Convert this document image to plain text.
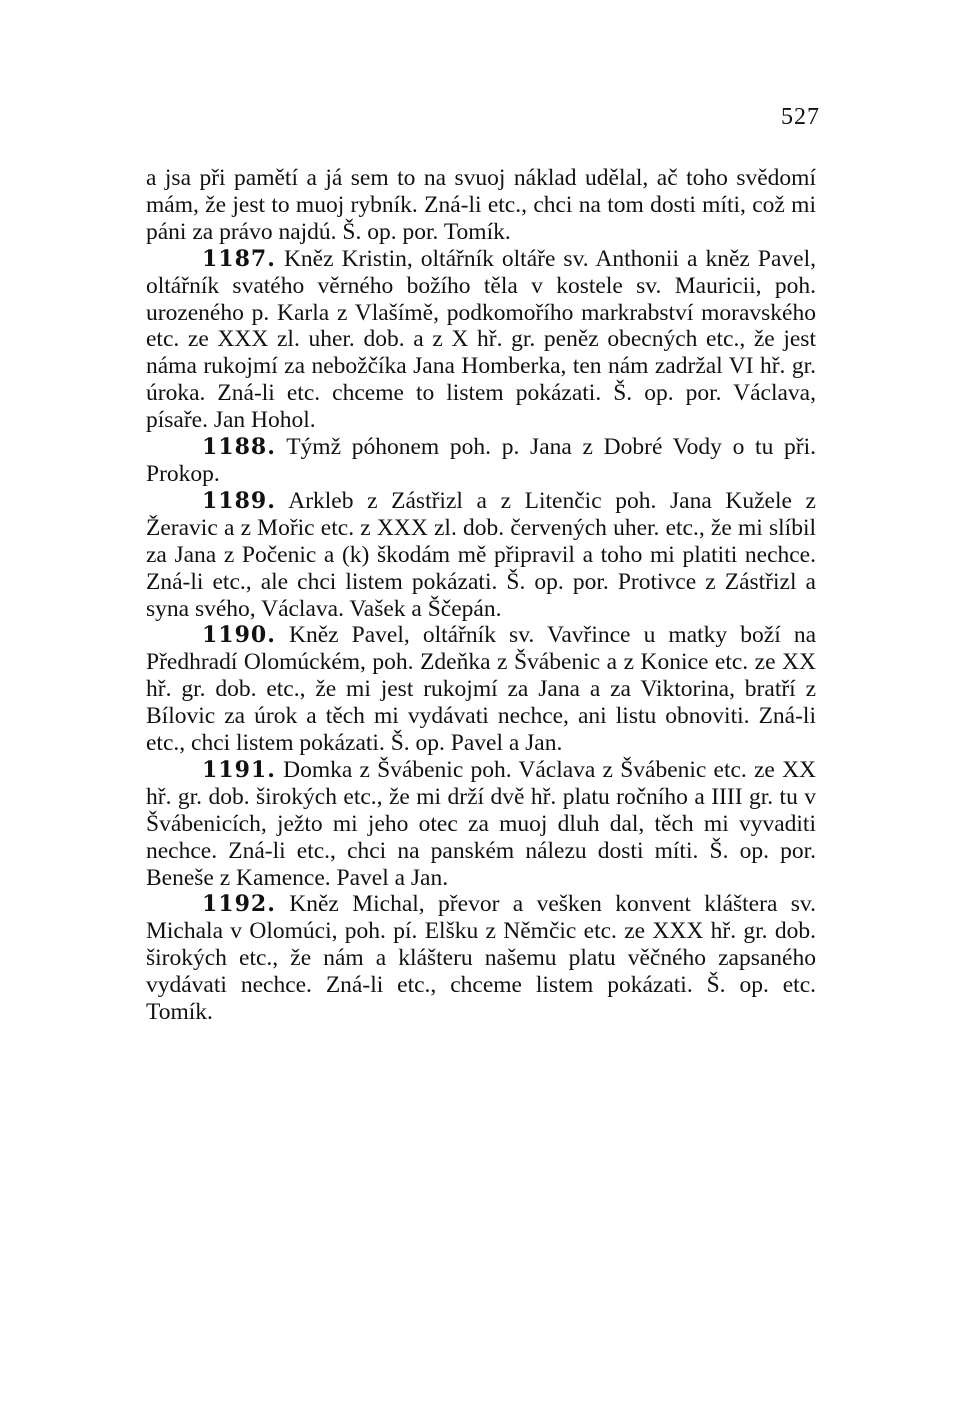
527

a jsa při pamětí a já sem to na svuoj náklad udělal, ač toho svědomí mám, že jest to muoj rybník. Zná-li etc., chci na tom dosti míti, což mi páni za právo najdú. Š. op. por. Tomík.

1187. Kněz Kristin, oltářník oltáře sv. Anthonii a kněz Pavel, oltářník svatého věrného božího těla v kostele sv. Mauricii, poh. urozeného p. Karla z Vlašímě, podkomořího markrabství moravského etc. ze XXX zl. uher. dob. a z X hř. gr. peněz obecných etc., že jest náma rukojmí za nebožčíka Jana Homberka, ten nám zadržal VI hř. gr. úroka. Zná-li etc. chceme to listem pokázati. Š. op. por. Václava, písaře. Jan Hohol.

1188. Týmž póhonem poh. p. Jana z Dobré Vody o tu při. Prokop.

1189. Arkleb z Zástřizl a z Litenčic poh. Jana Kužele z Žeravic a z Mořic etc. z XXX zl. dob. červených uher. etc., že mi slíbil za Jana z Počenic a (k) škodám mě připravil a toho mi platiti nechce. Zná-li etc., ale chci listem pokázati. Š. op. por. Protivce z Zástřizl a syna svého, Václava. Vašek a Ščepán.

1190. Kněz Pavel, oltářník sv. Vavřince u matky boží na Předhradí Olomúckém, poh. Zdeňka z Švábenic a z Konice etc. ze XX hř. gr. dob. etc., že mi jest rukojmí za Jana a za Viktorina, bratří z Bílovic za úrok a těch mi vydávati nechce, ani listu obnoviti. Zná-li etc., chci listem pokázati. Š. op. Pavel a Jan.

1191. Domka z Švábenic poh. Václava z Švábenic etc. ze XX hř. gr. dob. širokých etc., že mi drží dvě hř. platu ročního a IIII gr. tu v Švábenicích, ježto mi jeho otec za muoj dluh dal, těch mi vyvaditi nechce. Zná-li etc., chci na panském nálezu dosti míti. Š. op. por. Beneše z Kamence. Pavel a Jan.

1192. Kněz Michal, převor a vešken konvent kláštera sv. Michala v Olomúci, poh. pí. Elšku z Němčic etc. ze XXX hř. gr. dob. širokých etc., že nám a klášteru našemu platu věčného zapsaného vydávati nechce. Zná-li etc., chceme listem pokázati. Š. op. etc. Tomík.
